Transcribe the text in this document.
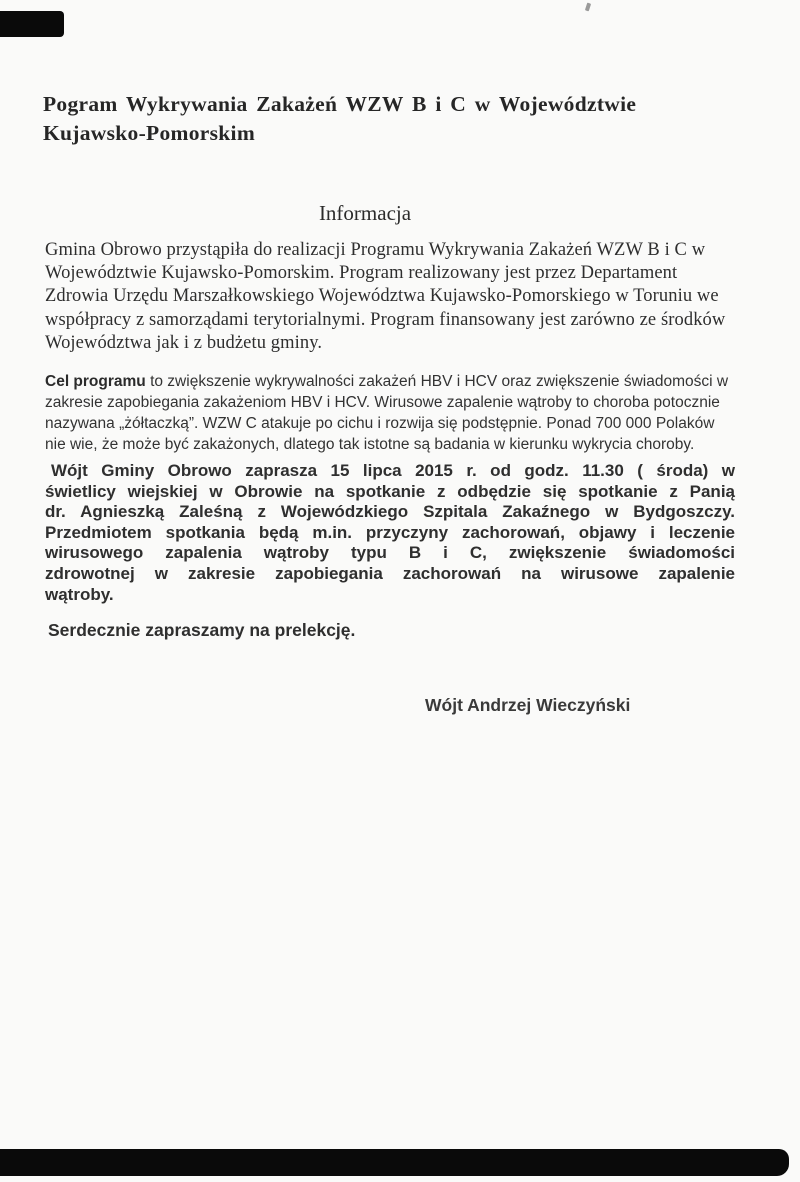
Pogram Wykrywania Zakażeń WZW B i C w Województwie
Kujawsko-Pomorskim
Informacja
Gmina Obrowo przystąpiła do realizacji Programu Wykrywania Zakażeń WZW B i C w
Województwie Kujawsko-Pomorskim. Program realizowany jest przez Departament
Zdrowia Urzędu Marszałkowskiego Województwa Kujawsko-Pomorskiego w Toruniu we
współpracy z samorządami terytorialnymi. Program finansowany jest zarówno ze środków
Województwa jak i z budżetu gminy.
Cel programu to zwiększenie wykrywalności zakażeń HBV i HCV oraz zwiększenie świadomości w
zakresie zapobiegania zakażeniom HBV i HCV. Wirusowe zapalenie wątroby to choroba potocznie
nazywana „żółtaczką”. WZW C atakuje po cichu i rozwija się podstępnie. Ponad 700 000 Polaków
nie wie, że może być zakażonych, dlatego tak istotne są badania w kierunku wykrycia choroby.
Wójt Gminy Obrowo zaprasza 15 lipca 2015 r. od godz. 11.30 ( środa) w
świetlicy wiejskiej w Obrowie na spotkanie z odbędzie się spotkanie z Panią
dr. Agnieszką Zaleśną z Wojewódzkiego Szpitala Zakaźnego w Bydgoszczy.
Przedmiotem spotkania będą m.in. przyczyny zachorowań, objawy i leczenie
wirusowego zapalenia wątroby typu B i C, zwiększenie świadomości
zdrowotnej w zakresie zapobiegania zachorowań na wirusowe zapalenie
wątroby.
Serdecznie zapraszamy na prelekcję.
Wójt Andrzej Wieczyński
